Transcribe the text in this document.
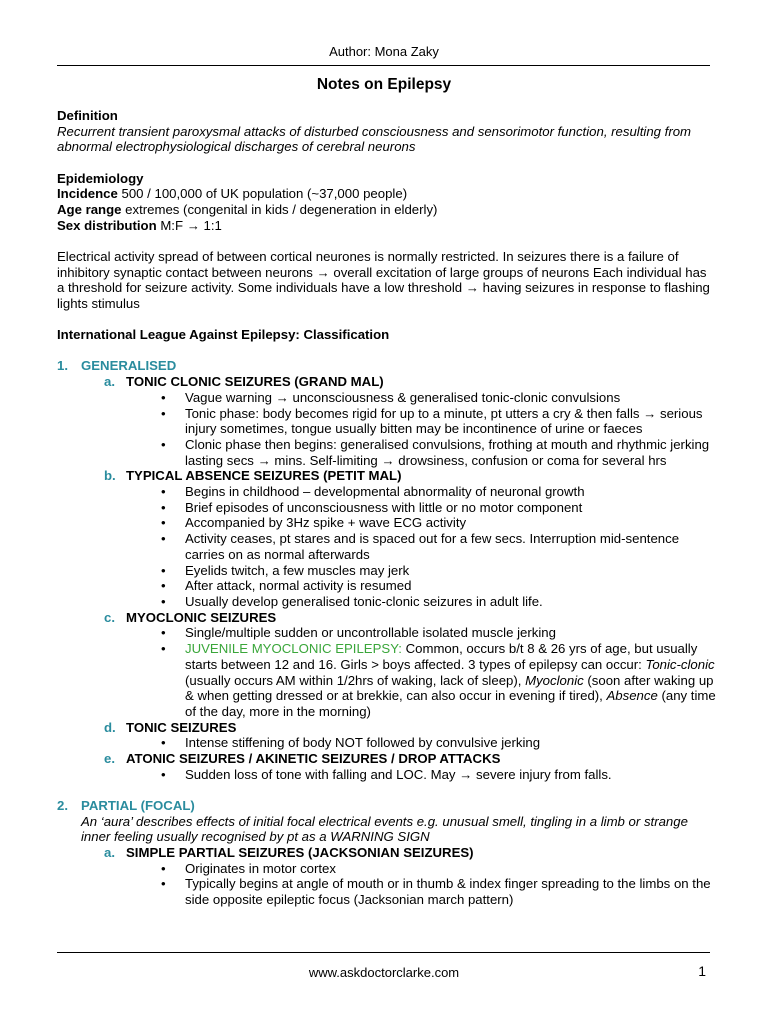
Author: Mona Zaky
Notes on Epilepsy
Definition
Recurrent transient paroxysmal attacks of disturbed consciousness and sensorimotor function, resulting from abnormal electrophysiological discharges of cerebral neurons
Epidemiology
Incidence 500 / 100,000 of UK population (~37,000 people)
Age range extremes (congenital in kids / degeneration in elderly)
Sex distribution M:F → 1:1
Electrical activity spread of between cortical neurones is normally restricted. In seizures there is a failure of inhibitory synaptic contact between neurons → overall excitation of large groups of neurons Each individual has a threshold for seizure activity. Some individuals have a low threshold → having seizures in response to flashing lights stimulus
International League Against Epilepsy: Classification
1. GENERALISED
a. TONIC CLONIC SEIZURES (GRAND MAL)
• Vague warning → unconsciousness & generalised tonic-clonic convulsions
• Tonic phase: body becomes rigid for up to a minute, pt utters a cry & then falls → serious injury sometimes, tongue usually bitten may be incontinence of urine or faeces
• Clonic phase then begins: generalised convulsions, frothing at mouth and rhythmic jerking lasting secs → mins. Self-limiting → drowsiness, confusion or coma for several hrs
b. TYPICAL ABSENCE SEIZURES (PETIT MAL)
• Begins in childhood – developmental abnormality of neuronal growth
• Brief episodes of unconsciousness with little or no motor component
• Accompanied by 3Hz spike + wave ECG activity
• Activity ceases, pt stares and is spaced out for a few secs. Interruption mid-sentence carries on as normal afterwards
• Eyelids twitch, a few muscles may jerk
• After attack, normal activity is resumed
• Usually develop generalised tonic-clonic seizures in adult life.
c. MYOCLONIC SEIZURES
• Single/multiple sudden or uncontrollable isolated muscle jerking
• JUVENILE MYOCLONIC EPILEPSY: Common, occurs b/t 8 & 26 yrs of age, but usually starts between 12 and 16. Girls > boys affected. 3 types of epilepsy can occur: Tonic-clonic (usually occurs AM within 1/2hrs of waking, lack of sleep), Myoclonic (soon after waking up & when getting dressed or at brekkie, can also occur in evening if tired), Absence (any time of the day, more in the morning)
d. TONIC SEIZURES
• Intense stiffening of body NOT followed by convulsive jerking
e. ATONIC SEIZURES / AKINETIC SEIZURES / DROP ATTACKS
• Sudden loss of tone with falling and LOC. May → severe injury from falls.
2. PARTIAL (FOCAL)
An ‘aura’ describes effects of initial focal electrical events e.g. unusual smell, tingling in a limb or strange inner feeling usually recognised by pt as a WARNING SIGN
a. SIMPLE PARTIAL SEIZURES (JACKSONIAN SEIZURES)
• Originates in motor cortex
• Typically begins at angle of mouth or in thumb & index finger spreading to the limbs on the side opposite epileptic focus (Jacksonian march pattern)
www.askdoctorclarke.com	1
